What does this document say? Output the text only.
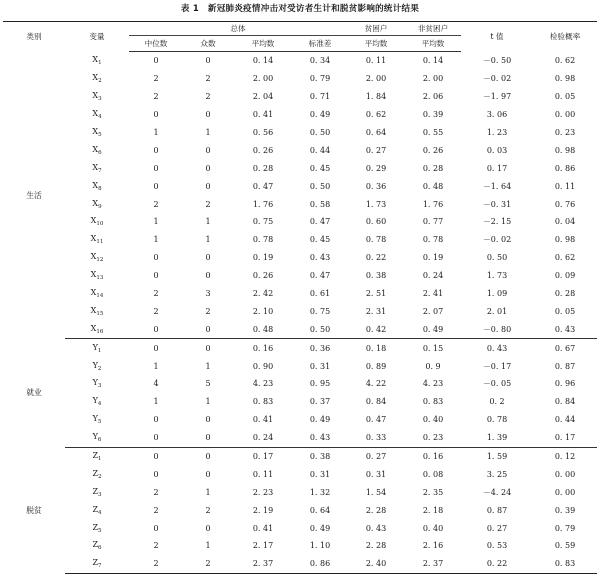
表 1　新冠肺炎疫情冲击对受访者生计和脱贫影响的统计结果
类别	变量	总体				贫困户	非贫困户	t 值	检验概率
		中位数	众数	平均数	标准差	平均数	平均数		
生活	$X_1$	0	0	0. 14	0. 34	0. 11	0. 14	－0. 50	0. 62
	$X_2$	2	2	2. 00	0. 79	2. 00	2. 00	－0. 02	0. 98
	$X_3$	2	2	2. 04	0. 71	1. 84	2. 06	－1. 97	0. 05
	$X_4$	0	0	0. 41	0. 49	0. 62	0. 39	3. 06	0. 00
	$X_5$	1	1	0. 56	0. 50	0. 64	0. 55	1. 23	0. 23
	$X_6$	0	0	0. 26	0. 44	0. 27	0. 26	0. 03	0. 98
	$X_7$	0	0	0. 28	0. 45	0. 29	0. 28	0. 17	0. 86
	$X_8$	0	0	0. 47	0. 50	0. 36	0. 48	－1. 64	0. 11
	$X_9$	2	2	1. 76	0. 58	1. 73	1. 76	－0. 31	0. 76
	$X_{10}$	1	1	0. 75	0. 47	0. 60	0. 77	－2. 15	0. 04
	$X_{11}$	1	1	0. 78	0. 45	0. 78	0. 78	－0. 02	0. 98
	$X_{12}$	0	0	0. 19	0. 43	0. 22	0. 19	0. 50	0. 62
	$X_{13}$	0	0	0. 26	0. 47	0. 38	0. 24	1. 73	0. 09
	$X_{14}$	2	3	2. 42	0. 61	2. 51	2. 41	1. 09	0. 28
	$X_{15}$	2	2	2. 10	0. 75	2. 31	2. 07	2. 01	0. 05
	$X_{16}$	0	0	0. 48	0. 50	0. 42	0. 49	－0. 80	0. 43
就业	$Y_1$	0	0	0. 16	0. 36	0. 18	0. 15	0. 43	0. 67
	$Y_2$	1	1	0. 90	0. 31	0. 89	0. 9	－0. 17	0. 87
	$Y_3$	4	5	4. 23	0. 95	4. 22	4. 23	－0. 05	0. 96
	$Y_4$	1	1	0. 83	0. 37	0. 84	0. 83	0. 2	0. 84
	$Y_5$	0	0	0. 41	0. 49	0. 47	0. 40	0. 78	0. 44
	$Y_6$	0	0	0. 24	0. 43	0. 33	0. 23	1. 39	0. 17
脱贫	$Z_1$	0	0	0. 17	0. 38	0. 27	0. 16	1. 59	0. 12
	$Z_2$	0	0	0. 11	0. 31	0. 31	0. 08	3. 25	0. 00
	$Z_3$	2	1	2. 23	1. 32	1. 54	2. 35	－4. 24	0. 00
	$Z_4$	2	2	2. 19	0. 64	2. 28	2. 18	0. 87	0. 39
	$Z_5$	0	0	0. 41	0. 49	0. 43	0. 40	0. 27	0. 79
	$Z_6$	2	1	2. 17	1. 10	2. 28	2. 16	0. 53	0. 59
	$Z_7$	2	2	2. 37	0. 86	2. 40	2. 37	0. 22	0. 83
